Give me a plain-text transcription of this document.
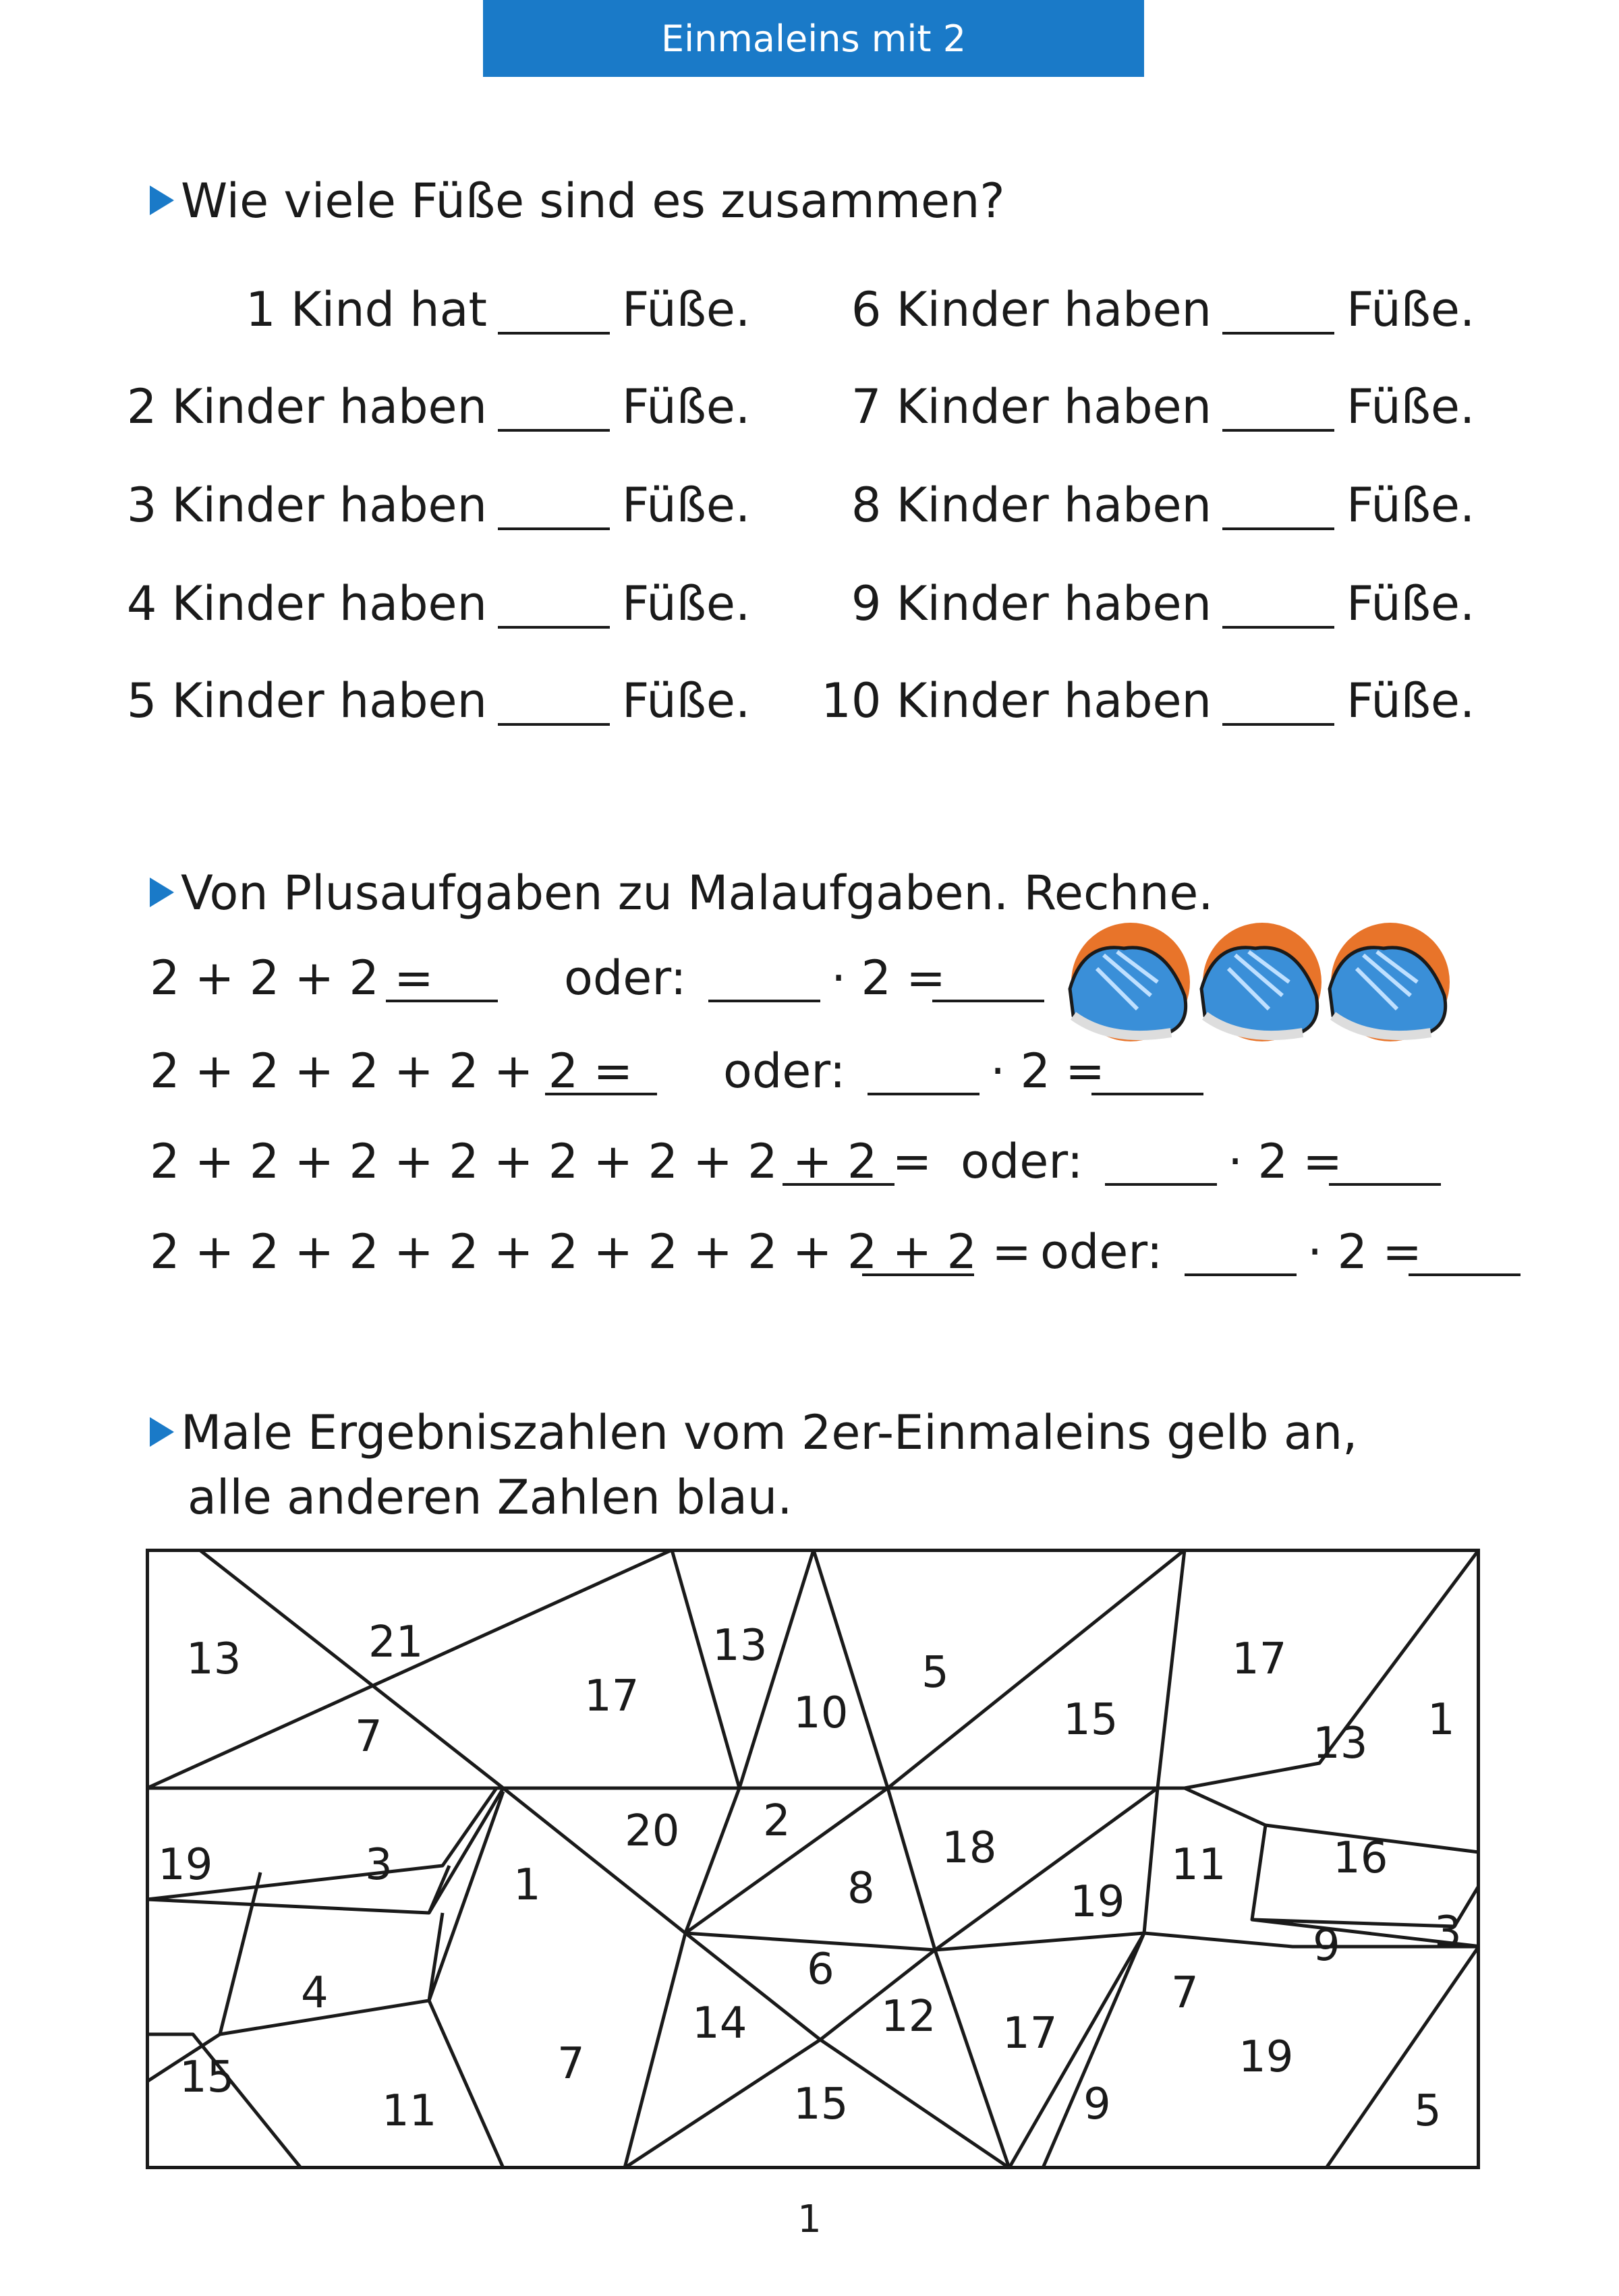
Einmaleins mit 2
Wie viele Füße sind es zusammen?
1 Kind hat	Füße.
2 Kinder haben	Füße.
3 Kinder haben	Füße.
4 Kinder haben	Füße.
5 Kinder haben	Füße.
6 Kinder haben	Füße.
7 Kinder haben	Füße.
8 Kinder haben	Füße.
9 Kinder haben	Füße.
10 Kinder haben	Füße.
Von Plusaufgaben zu Malaufgaben. Rechne.
2 + 2 + 2 =	oder:	· 2 =
2 + 2 + 2 + 2 + 2 = oder:	· 2 =
2 + 2 + 2 + 2 + 2 + 2 + 2 + 2 = oder:	· 2 =
2 + 2 + 2 + 2 + 2 + 2 + 2 + 2 + 2 = oder:	· 2 =
Male Ergebniszahlen vom 2er-Einmaleins gelb an,
alle anderen Zahlen blau.
13	21
7
17
13
10
5
15
17
13 1
19	3
20 2
1	8
18	11
19
16
4	6	9 3
15	7
14	12 17
7
19
11	15	9	5
1
